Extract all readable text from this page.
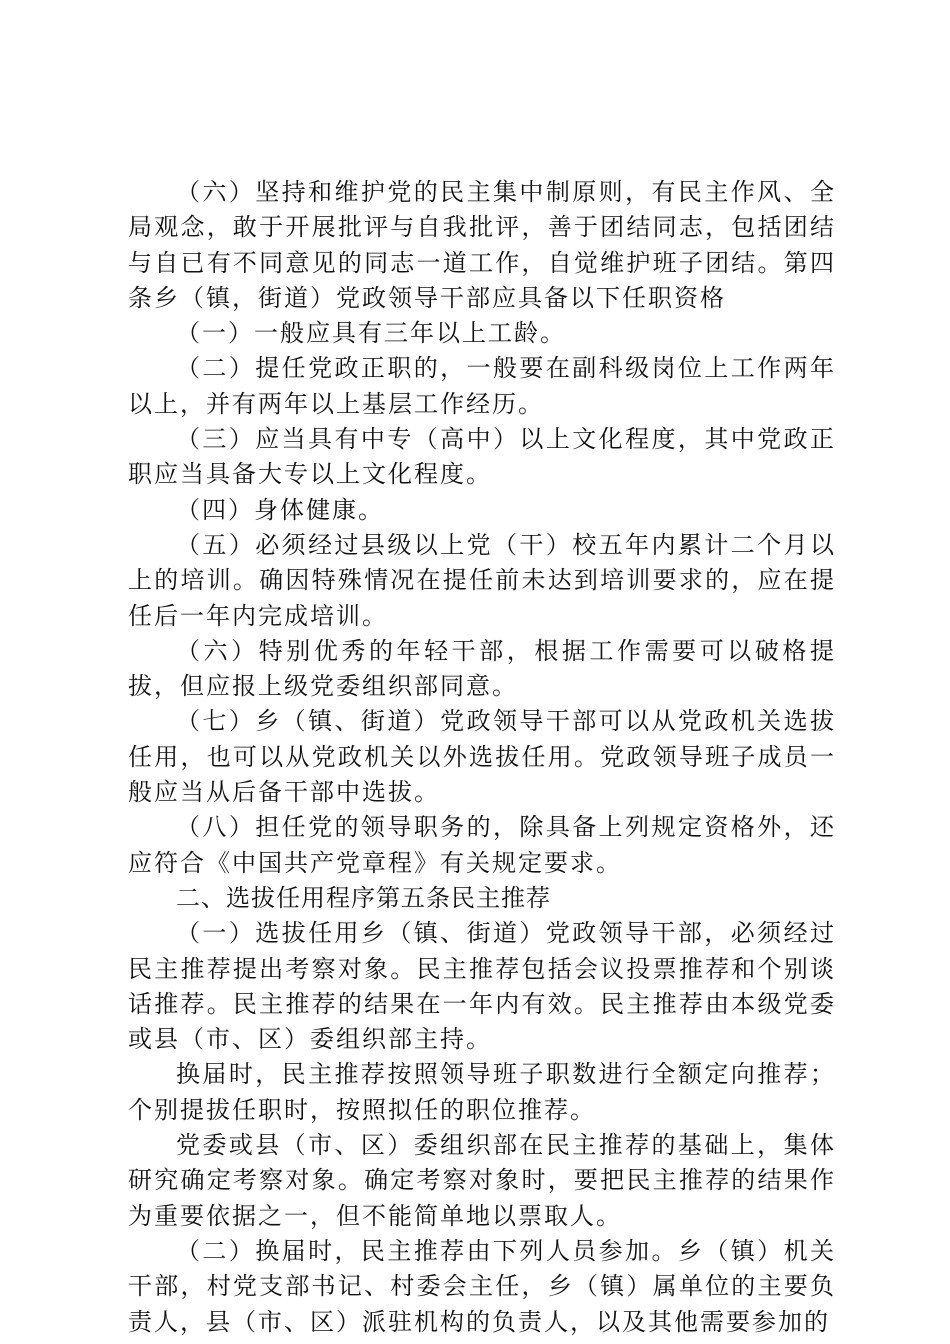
（六）坚持和维护党的民主集中制原则，有民主作风、全局观念，敢于开展批评与自我批评，善于团结同志，包括团结与自已有不同意见的同志一道工作，自觉维护班子团结。第四条乡（镇，街道）党政领导干部应具备以下任职资格

（一）一般应具有三年以上工龄。

（二）提任党政正职的，一般要在副科级岗位上工作两年以上，并有两年以上基层工作经历。

（三）应当具有中专（高中）以上文化程度，其中党政正职应当具备大专以上文化程度。

（四）身体健康。

（五）必须经过县级以上党（干）校五年内累计二个月以上的培训。确因特殊情况在提任前未达到培训要求的，应在提任后一年内完成培训。

（六）特别优秀的年轻干部，根据工作需要可以破格提拔，但应报上级党委组织部同意。

（七）乡（镇、街道）党政领导干部可以从党政机关选拔任用，也可以从党政机关以外选拔任用。党政领导班子成员一般应当从后备干部中选拔。

（八）担任党的领导职务的，除具备上列规定资格外，还应符合《中国共产党章程》有关规定要求。

二、选拔任用程序第五条民主推荐

（一）选拔任用乡（镇、街道）党政领导干部，必须经过民主推荐提出考察对象。民主推荐包括会议投票推荐和个别谈话推荐。民主推荐的结果在一年内有效。民主推荐由本级党委或县（市、区）委组织部主持。

换届时，民主推荐按照领导班子职数进行全额定向推荐；个别提拔任职时，按照拟任的职位推荐。

党委或县（市、区）委组织部在民主推荐的基础上，集体研究确定考察对象。确定考察对象时，要把民主推荐的结果作为重要依据之一，但不能简单地以票取人。

（二）换届时，民主推荐由下列人员参加。乡（镇）机关干部，村党支部书记、村委会主任，乡（镇）属单位的主要负责人，县（市、区）派驻机构的负责人，以及其他需要参加的
